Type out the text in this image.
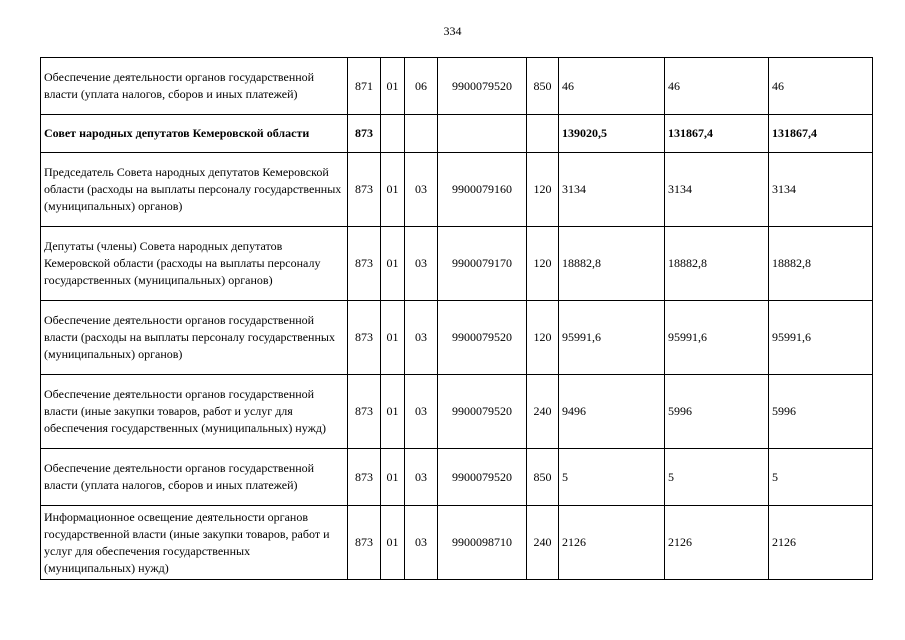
334
Обеспечение деятельности органов государственной власти (уплата налогов, сборов и иных платежей)	871	01	06	9900079520	850	46	46	46
Совет народных депутатов Кемеровской области	873					139020,5	131867,4	131867,4
Председатель Совета народных депутатов Кемеровской области (расходы на выплаты персоналу государственных (муниципальных) органов)	873	01	03	9900079160	120	3134	3134	3134
Депутаты (члены) Совета народных депутатов Кемеровской области (расходы на выплаты персоналу государственных (муниципальных) органов)	873	01	03	9900079170	120	18882,8	18882,8	18882,8
Обеспечение деятельности органов государственной власти (расходы на выплаты персоналу государственных (муниципальных) органов)	873	01	03	9900079520	120	95991,6	95991,6	95991,6
Обеспечение деятельности органов государственной власти (иные закупки товаров, работ и услуг для обеспечения государственных (муниципальных) нужд)	873	01	03	9900079520	240	9496	5996	5996
Обеспечение деятельности органов государственной власти (уплата налогов, сборов и иных платежей)	873	01	03	9900079520	850	5	5	5
Информационное освещение деятельности органов государственной власти (иные закупки товаров, работ и услуг для обеспечения государственных (муниципальных) нужд)	873	01	03	9900098710	240	2126	2126	2126
